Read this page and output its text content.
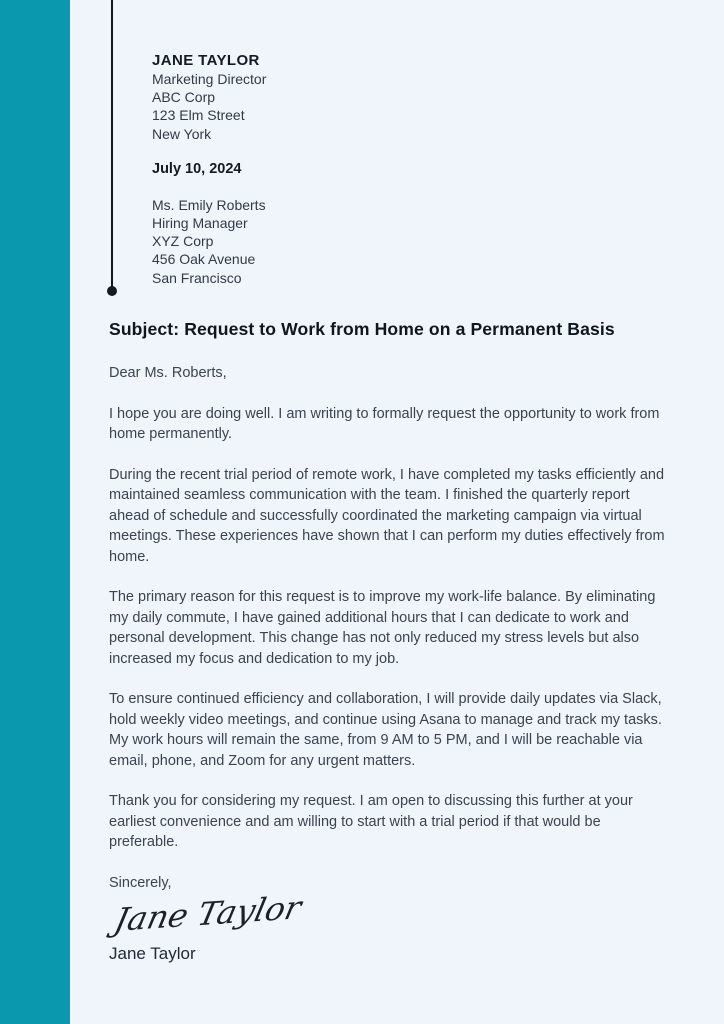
JANE TAYLOR
Marketing Director
ABC Corp
123 Elm Street
New York
July 10, 2024
Ms. Emily Roberts
Hiring Manager
XYZ Corp
456 Oak Avenue
San Francisco
Subject: Request to Work from Home on a Permanent Basis
Dear Ms. Roberts,

I hope you are doing well. I am writing to formally request the opportunity to work from home permanently.

During the recent trial period of remote work, I have completed my tasks efficiently and maintained seamless communication with the team. I finished the quarterly report ahead of schedule and successfully coordinated the marketing campaign via virtual meetings. These experiences have shown that I can perform my duties effectively from home.

The primary reason for this request is to improve my work-life balance. By eliminating my daily commute, I have gained additional hours that I can dedicate to work and personal development. This change has not only reduced my stress levels but also increased my focus and dedication to my job.

To ensure continued efficiency and collaboration, I will provide daily updates via Slack, hold weekly video meetings, and continue using Asana to manage and track my tasks. My work hours will remain the same, from 9 AM to 5 PM, and I will be reachable via email, phone, and Zoom for any urgent matters.

Thank you for considering my request. I am open to discussing this further at your earliest convenience and am willing to start with a trial period if that would be preferable.

Sincerely,
Jane Taylor
Jane Taylor
